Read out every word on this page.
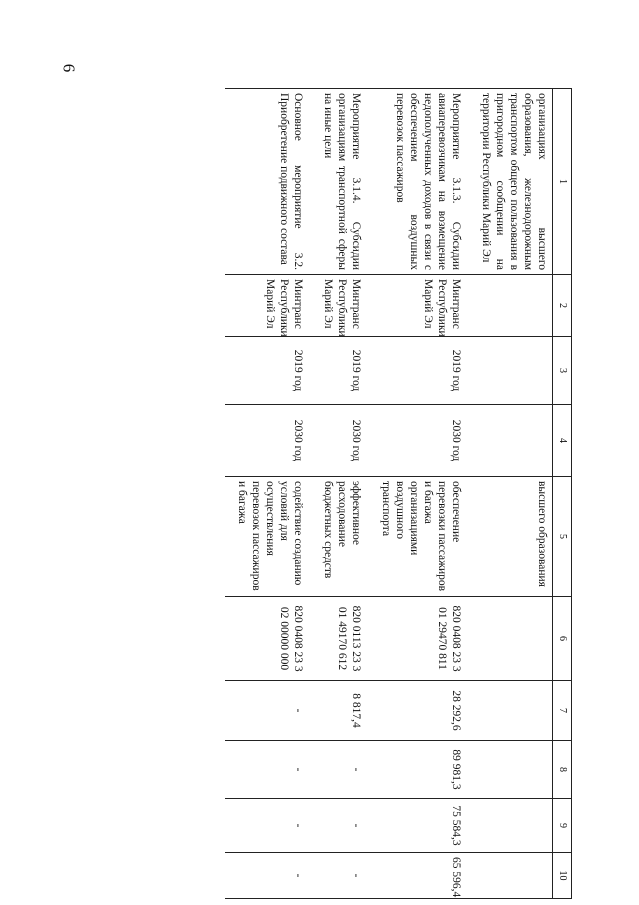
6
1	2	3	4	5	6	7	8	9	10
организациях высшего образования, железнодорожным транспортом общего пользования в пригородном сообщении на территории Республики Марий Эл				высшего образования					
Мероприятие 3.1.3. Субсидии авиаперевозчикам на возмещение недополученных доходов в связи с обеспечением воздушных перевозок пассажиров	Минтранс Республики Марий Эл	2019 год	2030 год	обеспечение перевозки пассажиров и багажа организациями воздушного транспорта	820 0408 23 3 01 29470 811	28 292,6	89 981,3	75 584,3	65 596,4
Мероприятие 3.1.4. Субсидии организациям транспортной сферы на иные цели	Минтранс Республики Марий Эл	2019 год	2030 год	эффективное расходование бюджетных средств	820 0113 23 3 01 49170 612	8 817,4	-	-	-
Основное мероприятие 3.2. Приобретение подвижного состава	Минтранс Республики Марий Эл	2019 год	2030 год	содействие созданию условий для осуществления перевозок пассажиров и багажа	820 0408 23 3 02 00000 000	-	-	-	-
